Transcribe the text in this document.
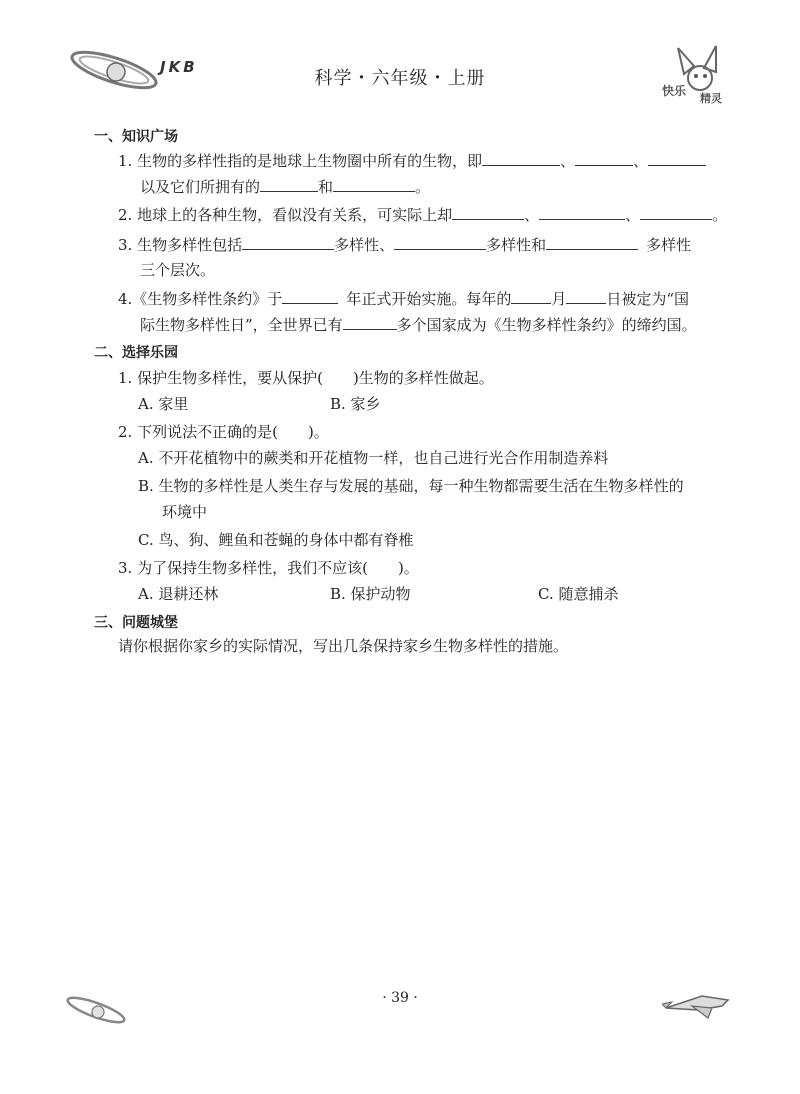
JKB
科学・六年级・上册
快乐
精灵
一、知识广场
1. 生物的多样性指的是地球上生物圈中所有的生物，即	、	、
以及它们所拥有的	和	。
2. 地球上的各种生物，看似没有关系，可实际上却	、	、	。
3. 生物多样性包括	多样性、	多样性和	多样性
三个层次。
4.《生物多样性条约》于	年正式开始实施。每年的	月	日被定为“国
际生物多样性日”，全世界已有	多个国家成为《生物多样性条约》的缔约国。
二、选择乐园
1. 保护生物多样性，要从保护( )生物的多样性做起。
A. 家里	B. 家乡
2. 下列说法不正确的是( )。
A. 不开花植物中的蕨类和开花植物一样，也自己进行光合作用制造养料
B. 生物的多样性是人类生存与发展的基础，每一种生物都需要生活在生物多样性的
环境中
C. 鸟、狗、鲤鱼和苍蝇的身体中都有脊椎
3. 为了保持生物多样性，我们不应该( )。
A. 退耕还林	B. 保护动物	C. 随意捕杀
三、问题城堡
请你根据你家乡的实际情况，写出几条保持家乡生物多样性的措施。
· 39 ·
